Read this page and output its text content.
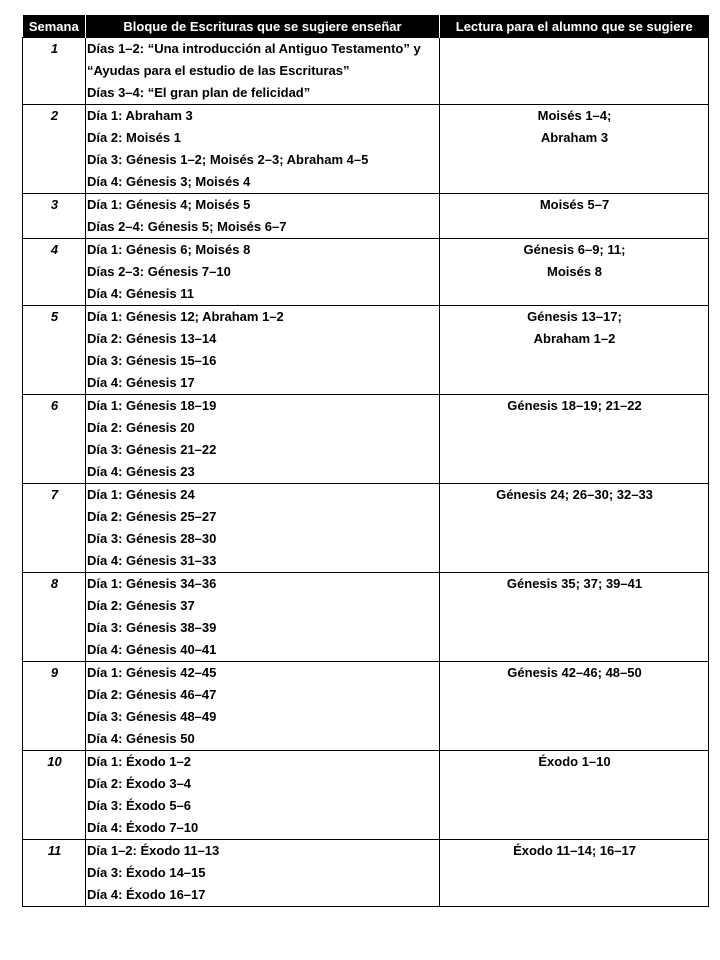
Semana	Bloque de Escrituras que se sugiere enseñar	Lectura para el alumno que se sugiere
1	Días 1–2: “Una introducción al Antiguo Testamento” y
“Ayudas para el estudio de las Escrituras”
Días 3–4: “El gran plan de felicidad”	

2	Día 1: Abraham 3
Día 2: Moisés 1
Día 3: Génesis 1–2; Moisés 2–3; Abraham 4–5
Día 4: Génesis 3; Moisés 4	Moisés 1–4;
Abraham 3

3	Día 1: Génesis 4; Moisés 5
Días 2–4: Génesis 5; Moisés 6–7	Moisés 5–7

4	Día 1: Génesis 6; Moisés 8
Días 2–3: Génesis 7–10
Día 4: Génesis 11	Génesis 6–9; 11;
Moisés 8

5	Día 1: Génesis 12; Abraham 1–2
Día 2: Génesis 13–14
Día 3: Génesis 15–16
Día 4: Génesis 17	Génesis 13–17;
Abraham 1–2

6	Día 1: Génesis 18–19
Día 2: Génesis 20
Día 3: Génesis 21–22
Día 4: Génesis 23	Génesis 18–19; 21–22

7	Día 1: Génesis 24
Día 2: Génesis 25–27
Día 3: Génesis 28–30
Día 4: Génesis 31–33	Génesis 24; 26–30; 32–33

8	Día 1: Génesis 34–36
Día 2: Génesis 37
Día 3: Génesis 38–39
Día 4: Génesis 40–41	Génesis 35; 37; 39–41

9	Día 1: Génesis 42–45
Día 2: Génesis 46–47
Día 3: Génesis 48–49
Día 4: Génesis 50	Génesis 42–46; 48–50

10	Día 1: Éxodo 1–2
Día 2: Éxodo 3–4
Día 3: Éxodo 5–6
Día 4: Éxodo 7–10	Éxodo 1–10

11	Día 1–2: Éxodo 11–13
Día 3: Éxodo 14–15
Día 4: Éxodo 16–17	Éxodo 11–14; 16–17
